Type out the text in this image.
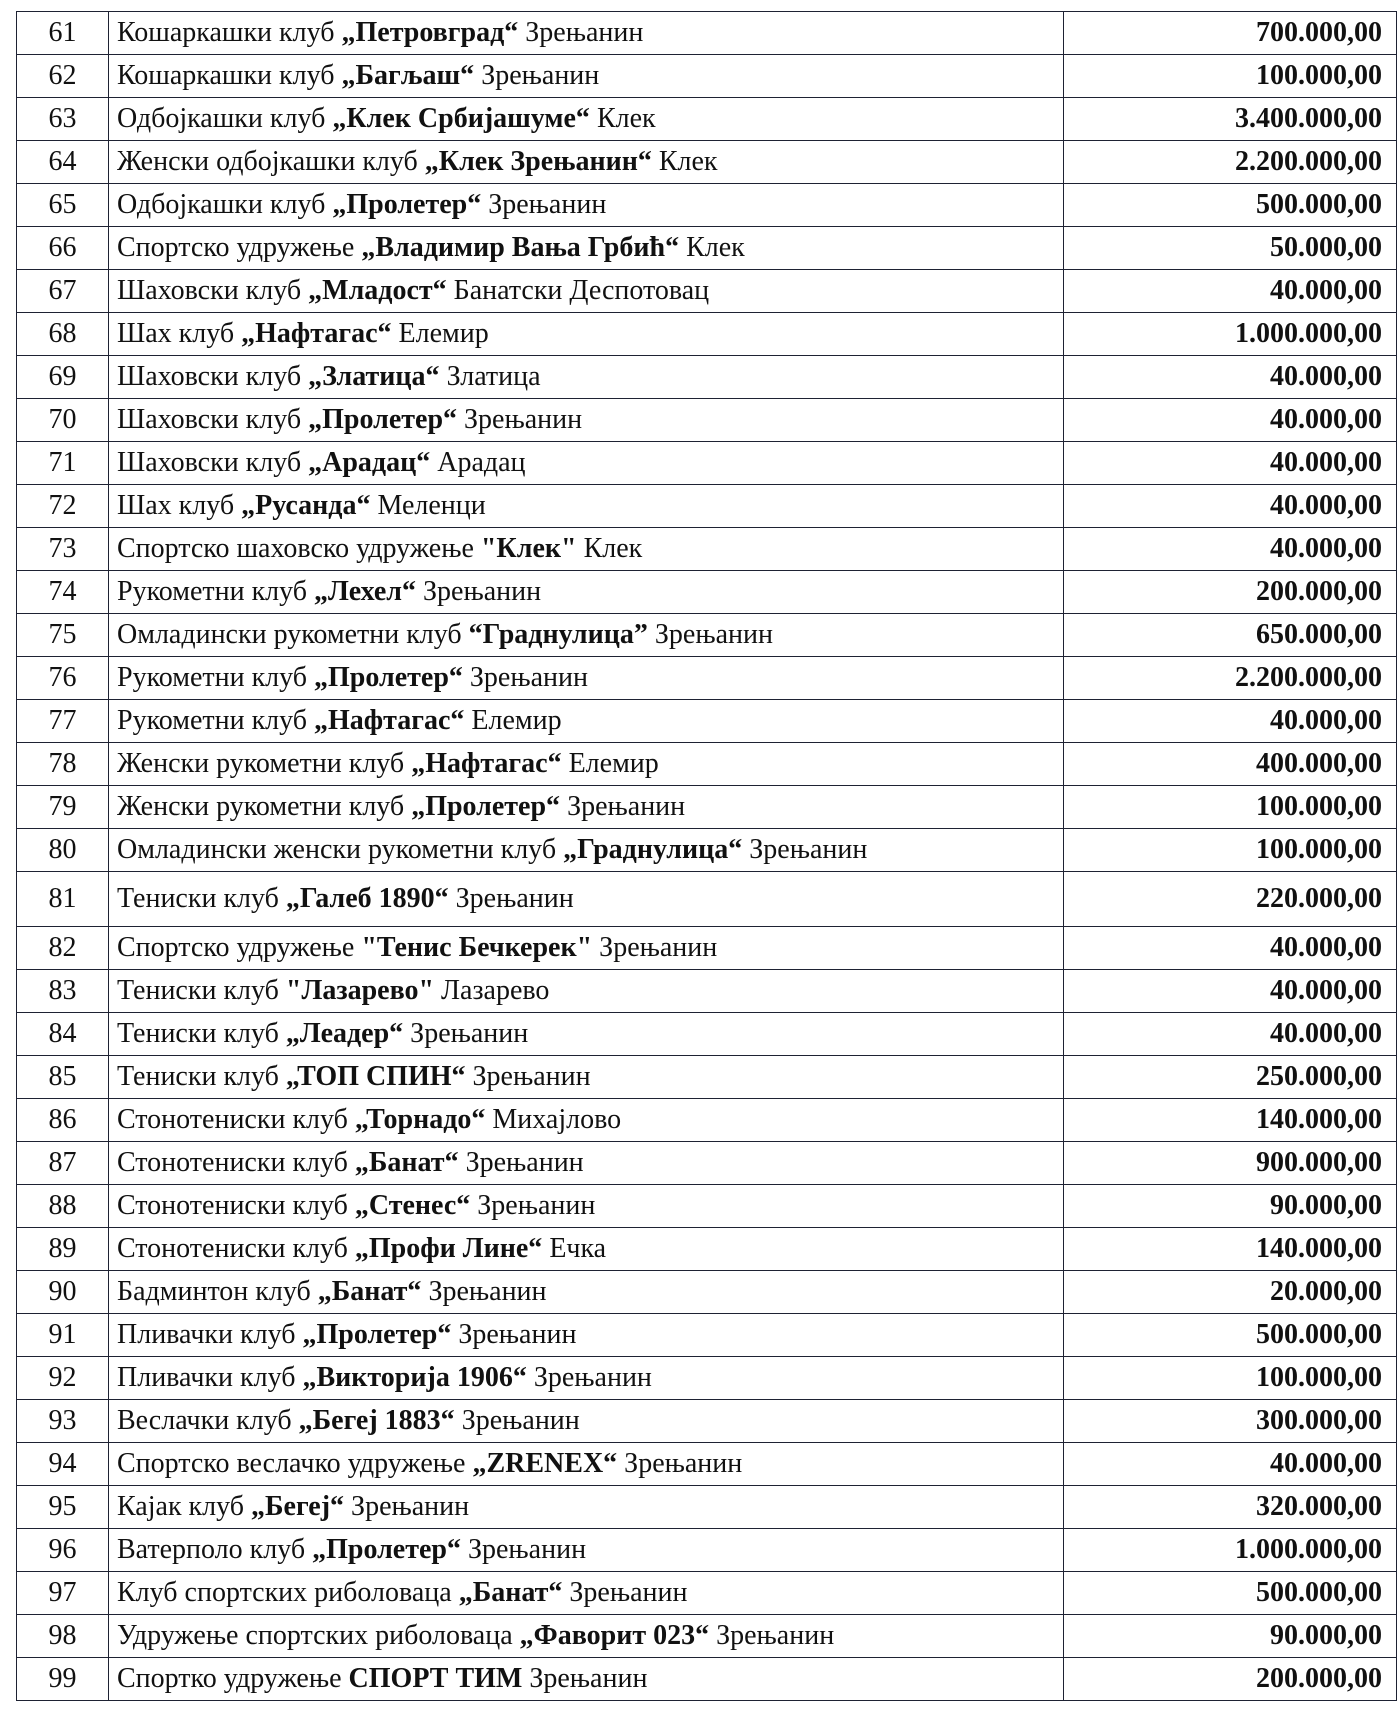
61	Кошаркашки клуб „Петровград“ Зрењанин	700.000,00
62	Кошаркашки клуб „Багљаш“ Зрењанин	100.000,00
63	Одбојкашки клуб „Клек Србијашуме“ Клек	3.400.000,00
64	Женски одбојкашки клуб „Клек Зрењанин“ Клек	2.200.000,00
65	Одбојкашки клуб „Пролетер“ Зрењанин	500.000,00
66	Спортско удружење „Владимир Вања Грбић“ Клек	50.000,00
67	Шаховски клуб „Младост“ Банатски Деспотовац	40.000,00
68	Шах клуб „Нафтагас“ Елемир	1.000.000,00
69	Шаховски клуб „Златица“ Златица	40.000,00
70	Шаховски клуб „Пролетер“ Зрењанин	40.000,00
71	Шаховски клуб „Арадац“ Арадац	40.000,00
72	Шах клуб „Русанда“ Меленци	40.000,00
73	Спортско шаховско удружење "Клек" Клек	40.000,00
74	Рукометни клуб „Лехел“ Зрењанин	200.000,00
75	Омладински рукометни клуб “Граднулица” Зрењанин	650.000,00
76	Рукометни клуб „Пролетер“ Зрењанин	2.200.000,00
77	Рукометни клуб „Нафтагас“ Елемир	40.000,00
78	Женски рукометни клуб „Нафтагас“ Елемир	400.000,00
79	Женски рукометни клуб „Пролетер“ Зрењанин	100.000,00
80	Омладински женски рукометни клуб „Граднулица“ Зрењанин	100.000,00
81	Тениски клуб „Галеб 1890“ Зрењанин	220.000,00
82	Спортско удружење "Тенис Бечкерек" Зрењанин	40.000,00
83	Тениски клуб "Лазарево" Лазарево	40.000,00
84	Тениски клуб „Леадер“ Зрењанин	40.000,00
85	Тениски клуб „ТОП СПИН“ Зрењанин	250.000,00
86	Стонотениски клуб „Торнадо“ Михајлово	140.000,00
87	Стонотениски клуб „Банат“ Зрењанин	900.000,00
88	Стонотениски клуб „Стенес“ Зрењанин	90.000,00
89	Стонотениски клуб „Профи Лине“ Ечка	140.000,00
90	Бадминтон клуб „Банат“ Зрењанин	20.000,00
91	Пливачки клуб „Пролетер“ Зрењанин	500.000,00
92	Пливачки клуб „Викторија 1906“ Зрењанин	100.000,00
93	Веслачки клуб „Бегеј 1883“ Зрењанин	300.000,00
94	Спортско веслачко удружење „ZRENEX“ Зрењанин	40.000,00
95	Кајак клуб „Бегеј“ Зрењанин	320.000,00
96	Ватерполо клуб „Пролетер“ Зрењанин	1.000.000,00
97	Клуб спортских риболоваца „Банат“ Зрењанин	500.000,00
98	Удружење спортских риболоваца „Фаворит 023“ Зрењанин	90.000,00
99	Спортко удружење СПОРТ ТИМ Зрењанин	200.000,00
